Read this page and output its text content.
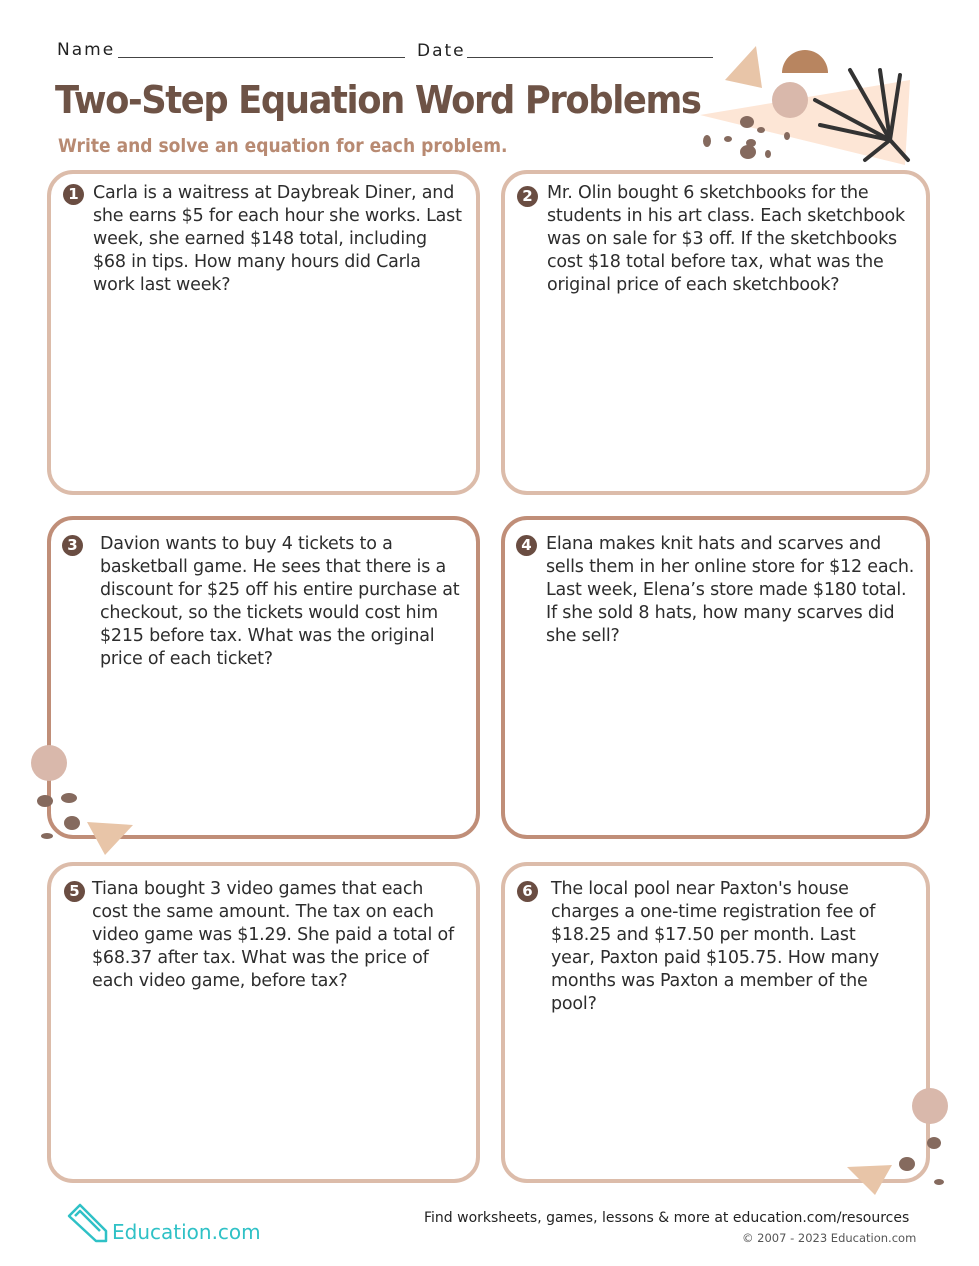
Name	Date
Two-Step Equation Word Problems
Write and solve an equation for each problem.
1	2
3	4
5	6
Carla is a waitress at Daybreak Diner, and she earns $5 for each hour she works. Last week, she earned $148 total, including $68 in tips. How many hours did Carla work last week?
Mr. Olin bought 6 sketchbooks for the students in his art class. Each sketchbook was on sale for $3 off. If the sketchbooks cost $18 total before tax, what was the original price of each sketchbook?
Davion wants to buy 4 tickets to a basketball game. He sees that there is a discount for $25 off his entire purchase at checkout, so the tickets would cost him $215 before tax. What was the original price of each ticket?
Elana makes knit hats and scarves and sells them in her online store for $12 each. Last week, Elena’s store made $180 total. If she sold 8 hats, how many scarves did she sell?
Tiana bought 3 video games that each cost the same amount. The tax on each video game was $1.29. She paid a total of $68.37 after tax. What was the price of each video game, before tax?
The local pool near Paxton's house charges a one-time registration fee of $18.25 and $17.50 per month. Last year, Paxton paid $105.75. How many months was Paxton a member of the pool?
Education.com
Find worksheets, games, lessons & more at education.com/resources
© 2007 - 2023 Education.com
